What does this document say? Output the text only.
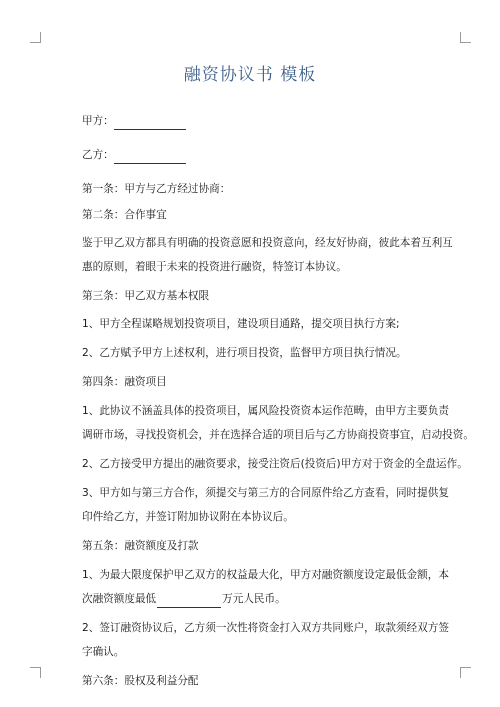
融资协议书 模板
甲方：
乙方：
第一条：甲方与乙方经过协商：
第二条：合作事宜
鉴于甲乙双方都具有明确的投资意愿和投资意向，经友好协商，彼此本着互利互
惠的原则，着眼于未来的投资进行融资，特签订本协议。
第三条：甲乙双方基本权限
1、甲方全程谋略规划投资项目，建设项目通路，提交项目执行方案;
2、乙方赋予甲方上述权利，进行项目投资，监督甲方项目执行情况。
第四条：融资项目
1、此协议不涵盖具体的投资项目，属风险投资资本运作范畴，由甲方主要负责
调研市场，寻找投资机会，并在选择合适的项目后与乙方协商投资事宜，启动投资。
2、乙方接受甲方提出的融资要求，接受注资后(投资后)甲方对于资金的全盘运作。
3、甲方如与第三方合作，须提交与第三方的合同原件给乙方查看，同时提供复
印件给乙方，并签订附加协议附在本协议后。
第五条：融资额度及打款
1、为最大限度保护甲乙双方的权益最大化，甲方对融资额度设定最低金额，本
次融资额度最低	万元人民币。
2、签订融资协议后，乙方须一次性将资金打入双方共同账户，取款须经双方签
字确认。
第六条：股权及利益分配
